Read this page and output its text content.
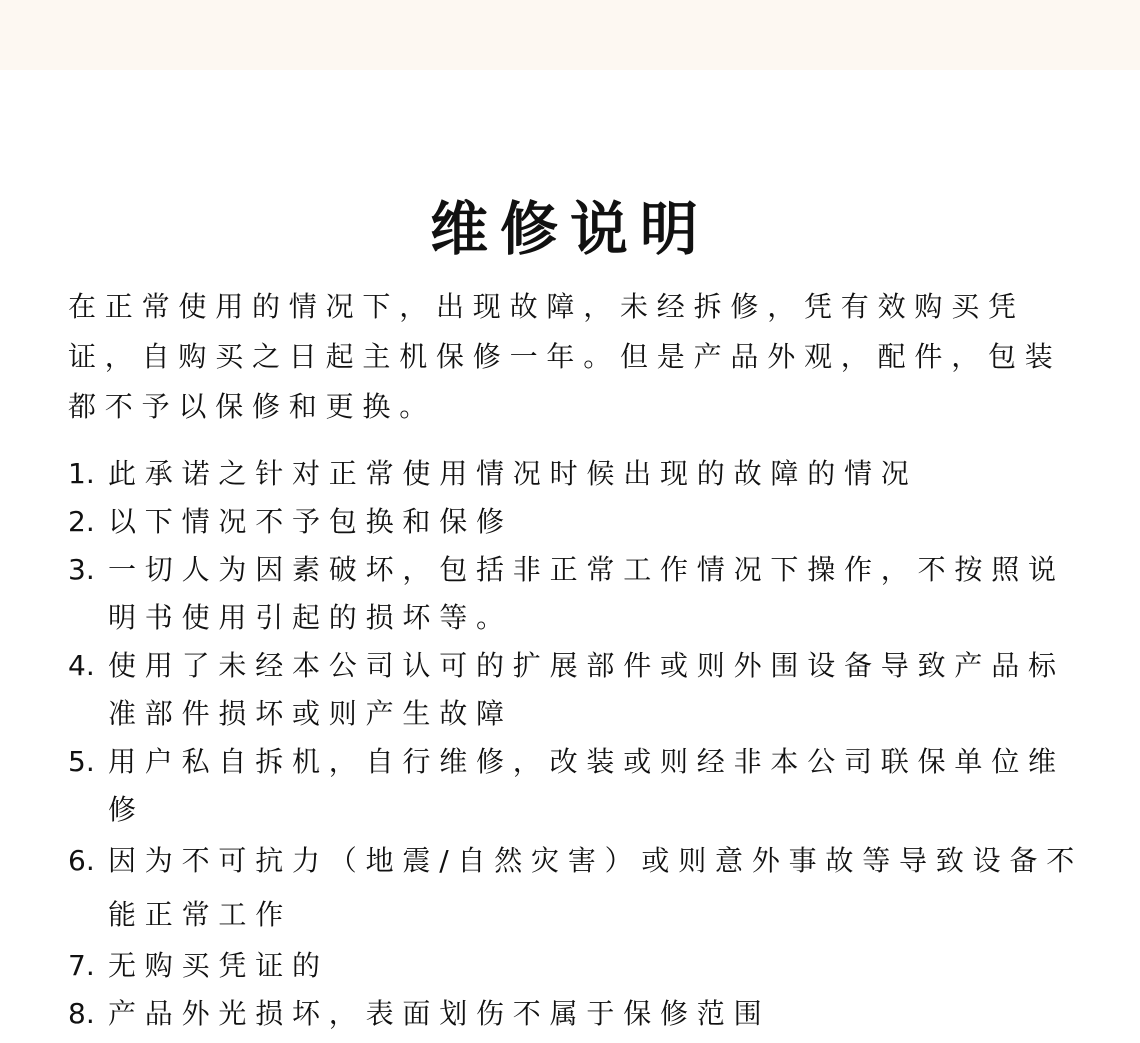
维修说明

在正常使用的情况下，出现故障，未经拆修，凭有效购买凭证，自购买之日起主机保修一年。但是产品外观，配件，包装都不予以保修和更换。

1. 此承诺之针对正常使用情况时候出现的故障的情况
2. 以下情况不予包换和保修
3. 一切人为因素破坏，包括非正常工作情况下操作，不按照说明书使用引起的损坏等。
4. 使用了未经本公司认可的扩展部件或则外围设备导致产品标准部件损坏或则产生故障
5. 用户私自拆机，自行维修，改装或则经非本公司联保单位维修
6. 因为不可抗力（地震/自然灾害）或则意外事故等导致设备不能正常工作
7. 无购买凭证的
8. 产品外光损坏，表面划伤不属于保修范围
